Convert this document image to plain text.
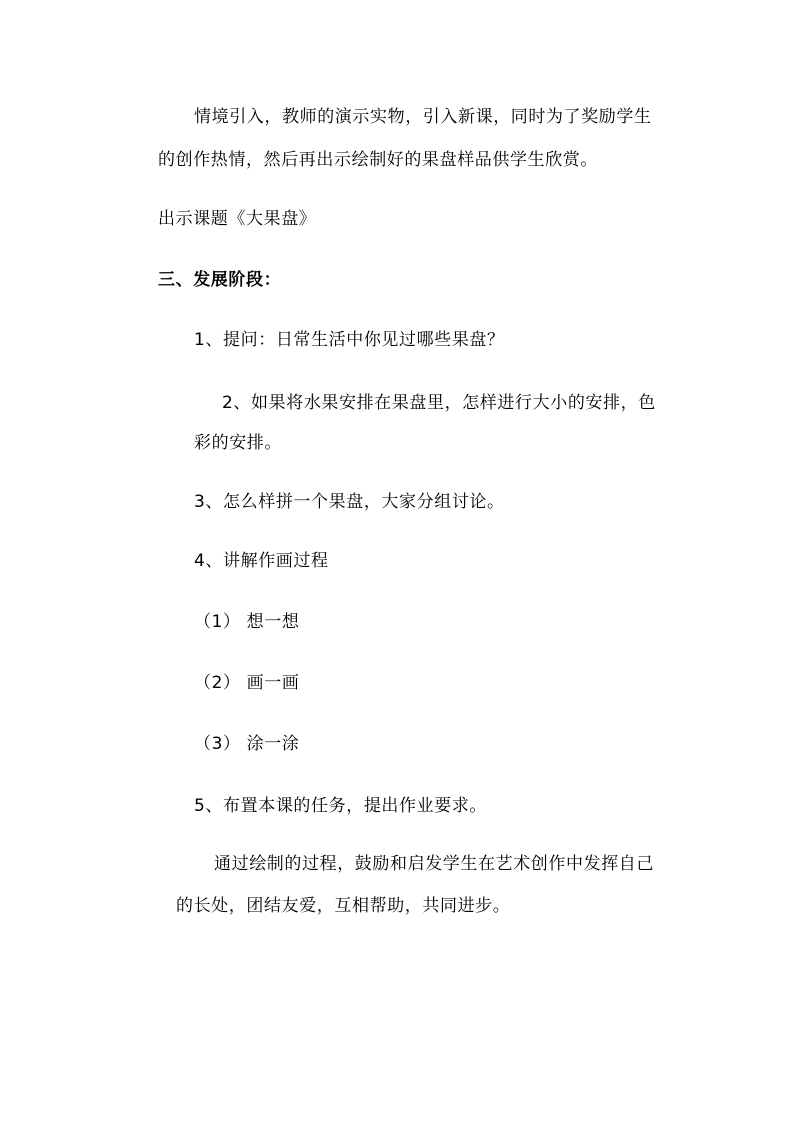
情境引入，教师的演示实物，引入新课，同时为了奖励学生
的创作热情，然后再出示绘制好的果盘样品供学生欣赏。
出示课题《大果盘》
三、发展阶段：
1、提问：日常生活中你见过哪些果盘？
2、如果将水果安排在果盘里，怎样进行大小的安排，色
彩的安排。
3、怎么样拼一个果盘，大家分组讨论。
4、讲解作画过程
（1） 想一想
（2） 画一画
（3） 涂一涂
5、布置本课的任务，提出作业要求。
通过绘制的过程，鼓励和启发学生在艺术创作中发挥自己
的长处，团结友爱，互相帮助，共同进步。
